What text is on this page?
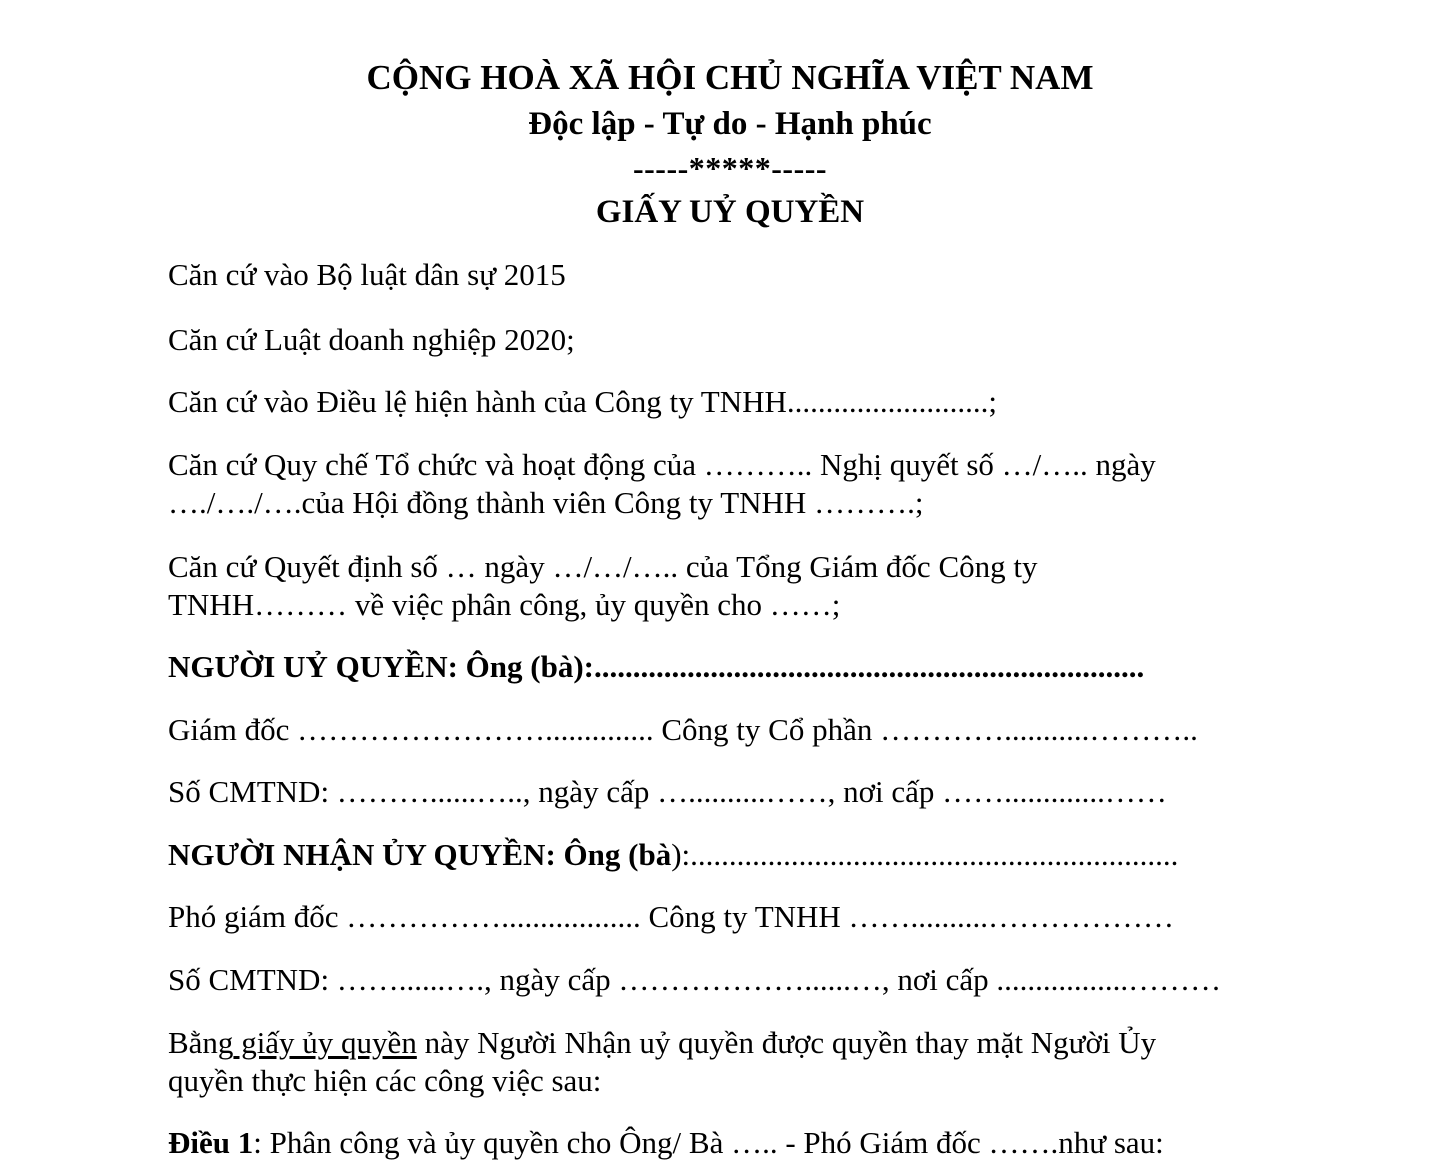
CỘNG HOÀ XÃ HỘI CHỦ NGHĨA VIỆT NAM
Độc lập - Tự do - Hạnh phúc
-----*****-----
GIẤY UỶ QUYỀN
Căn cứ vào Bộ luật dân sự 2015
Căn cứ Luật doanh nghiệp 2020;
Căn cứ vào Điều lệ hiện hành của Công ty TNHH..........................;
Căn cứ Quy chế Tổ chức và hoạt động của ……….. Nghị quyết số …/….. ngày
…./…./….của Hội đồng thành viên Công ty TNHH ……….;
Căn cứ Quyết định số … ngày …/…/….. của Tổng Giám đốc Công ty
TNHH……… về việc phân công, ủy quyền cho ……;
NGƯỜI UỶ QUYỀN: Ông (bà):.......................................................................
Giám đốc …………………….............. Công ty Cổ phần …………...........………..
Số CMTND: ………......….., ngày cấp …..........……, nơi cấp …….............……
NGƯỜI NHẬN ỦY QUYỀN: Ông (bà):...............................................................
Phó giám đốc …………….................. Công ty TNHH ……..........………………
Số CMTND: ……......…., ngày cấp ………………......…, nơi cấp .................………
Bằng giấy ủy quyền này Người Nhận uỷ quyền được quyền thay mặt Người Ủy
quyền thực hiện các công việc sau:
Điều 1: Phân công và ủy quyền cho Ông/ Bà ….. - Phó Giám đốc …….như sau:
